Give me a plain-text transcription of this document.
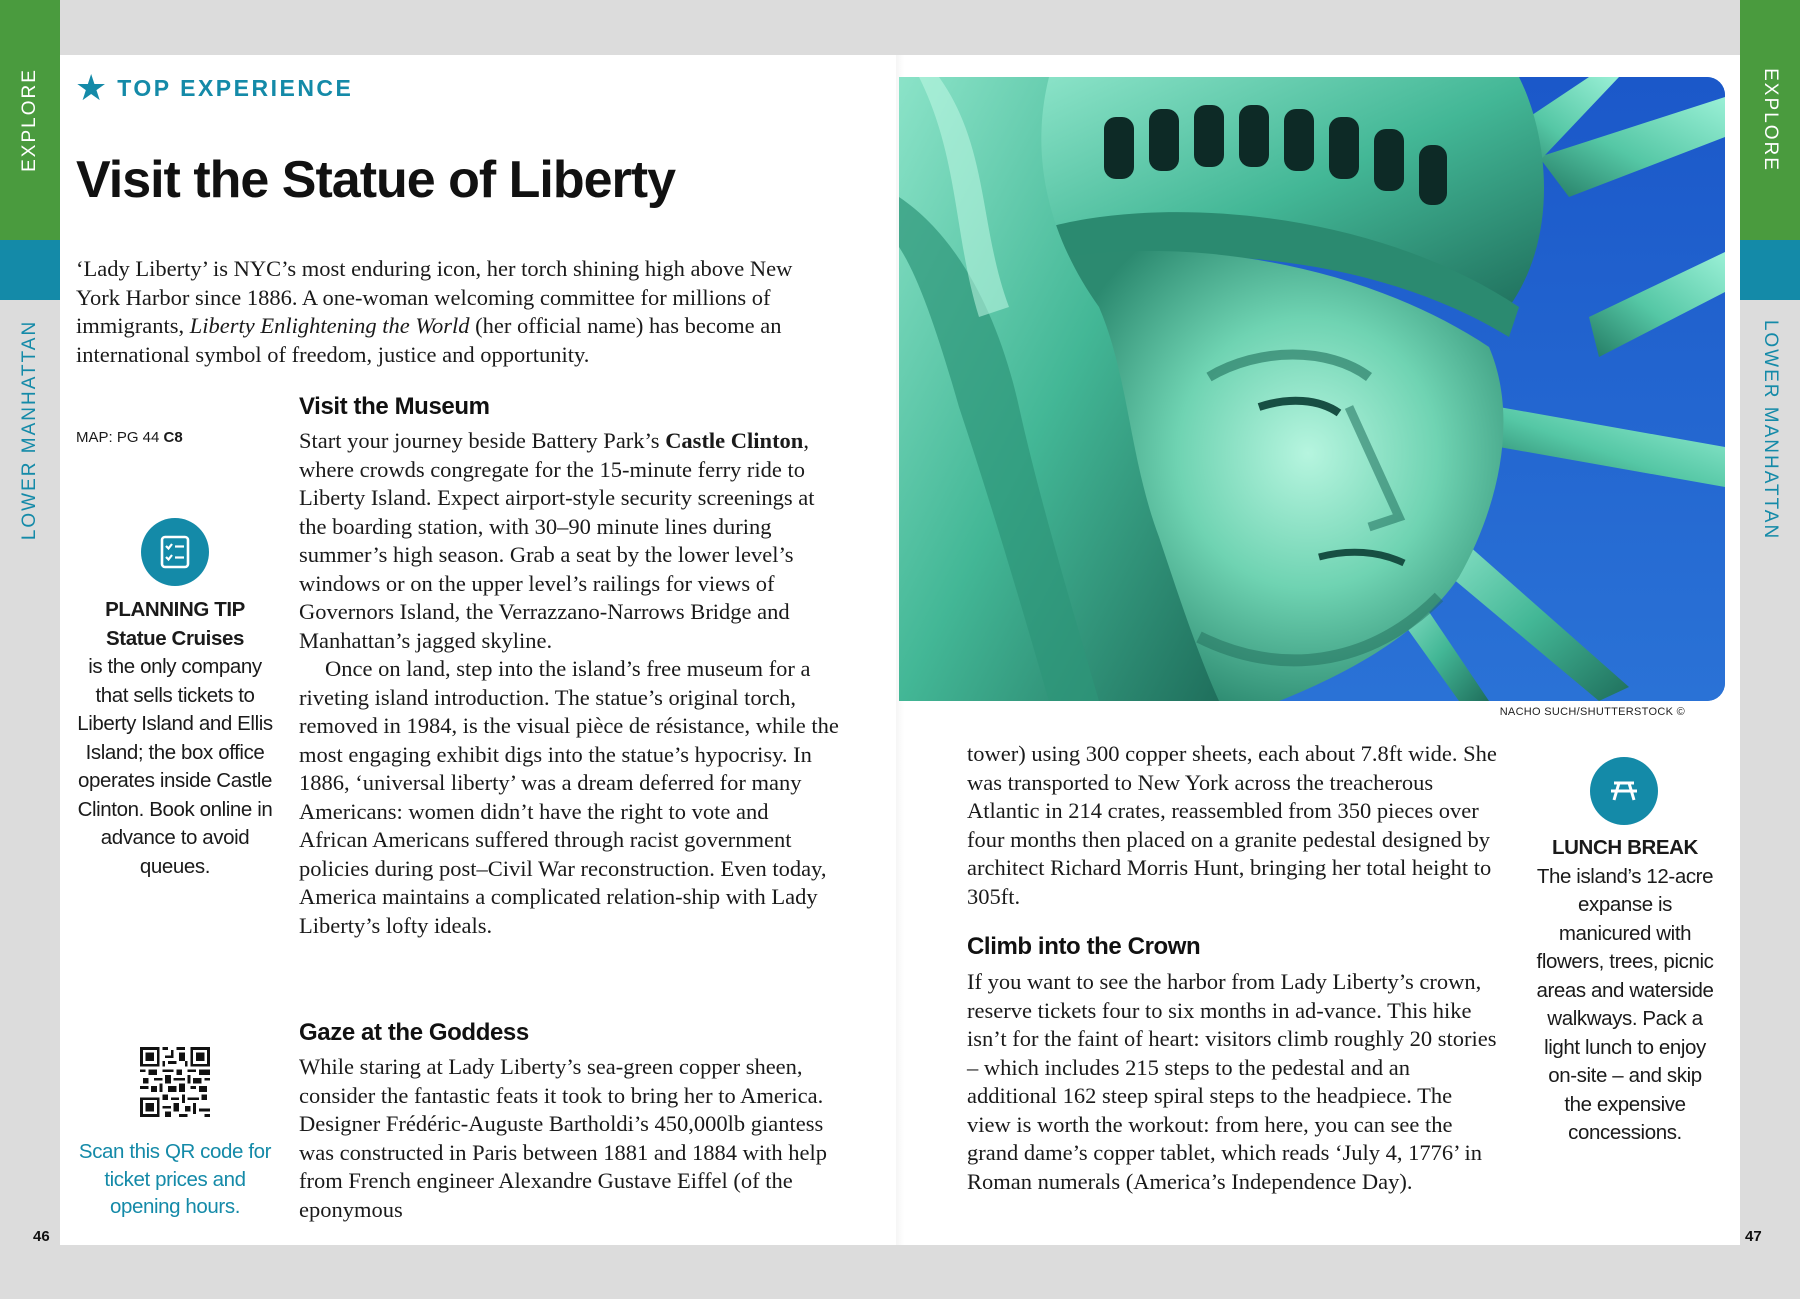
EXPLORE
LOWER MANHATTAN
EXPLORE
LOWER MANHATTAN
★ TOP EXPERIENCE
Visit the Statue of Liberty
‘Lady Liberty’ is NYC’s most enduring icon, her torch shining high above New York Harbor since 1886. A one-woman welcoming committee for millions of immigrants, Liberty Enlightening the World (her official name) has become an international symbol of freedom, justice and opportunity.
MAP: PG 44 C8
PLANNING TIP
Statue Cruises
is the only company that sells tickets to Liberty Island and Ellis Island; the box office operates inside Castle Clinton. Book online in advance to avoid queues.
Scan this QR code for ticket prices and opening hours.
Visit the Museum

Start your journey beside Battery Park’s Castle Clinton, where crowds congregate for the 15-minute ferry ride to Liberty Island. Expect airport-style security screenings at the boarding station, with 30–90 minute lines during summer’s high season. Grab a seat by the lower level’s windows or on the upper level’s railings for views of Governors Island, the Verrazzano-Narrows Bridge and Manhattan’s jagged skyline.

Once on land, step into the island’s free museum for a riveting island introduction. The statue’s original torch, removed in 1984, is the visual pièce de résistance, while the most engaging exhibit digs into the statue’s hypocrisy. In 1886, ‘universal liberty’ was a dream deferred for many Americans: women didn’t have the right to vote and African Americans suffered through racist government policies during post–Civil War reconstruction. Even today, America maintains a complicated relation-ship with Lady Liberty’s lofty ideals.

Gaze at the Goddess

While staring at Lady Liberty’s sea-green copper sheen, consider the fantastic feats it took to bring her to America. Designer Frédéric-Auguste Bartholdi’s 450,000lb giantess was constructed in Paris between 1881 and 1884 with help from French engineer Alexandre Gustave Eiffel (of the eponymous

NACHO SUCH/SHUTTERSTOCK ©

tower) using 300 copper sheets, each about 7.8ft wide. She was transported to New York across the treacherous Atlantic in 214 crates, reassembled from 350 pieces over four months then placed on a granite pedestal designed by architect Richard Morris Hunt, bringing her total height to 305ft.

Climb into the Crown

If you want to see the harbor from Lady Liberty’s crown, reserve tickets four to six months in ad-vance. This hike isn’t for the faint of heart: visitors climb roughly 20 stories – which includes 215 steps to the pedestal and an additional 162 steep spiral steps to the headpiece. The view is worth the workout: from here, you can see the grand dame’s copper tablet, which reads ‘July 4, 1776’ in Roman numerals (America’s Independence Day).

LUNCH BREAK
The island’s 12-acre expanse is manicured with flowers, trees, picnic areas and waterside walkways. Pack a light lunch to enjoy on-site – and skip the expensive concessions.
46	47
